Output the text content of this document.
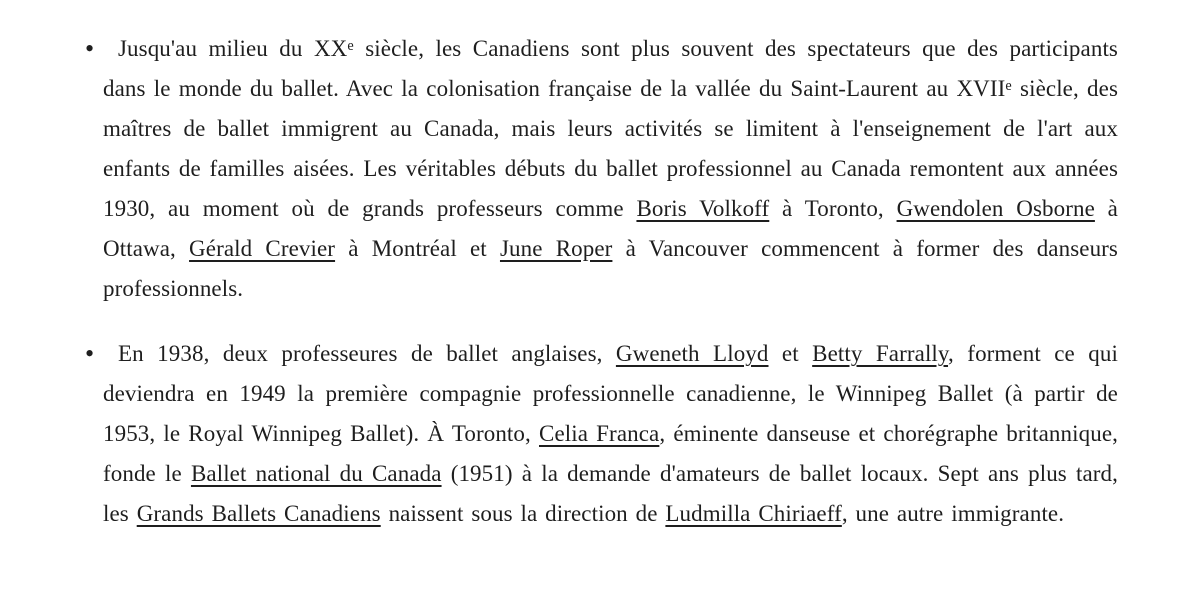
•	Jusqu'au milieu du XXe siècle, les Canadiens sont plus souvent des spectateurs que des participants dans le monde du ballet. Avec la colonisation française de la vallée du Saint-Laurent au XVIIe siècle, des maîtres de ballet immigrent au Canada, mais leurs activités se limitent à l'enseignement de l'art aux enfants de familles aisées. Les véritables débuts du ballet professionnel au Canada remontent aux années 1930, au moment où de grands professeurs comme Boris Volkoff à Toronto, Gwendolen Osborne à Ottawa, Gérald Crevier à Montréal et June Roper à Vancouver commencent à former des danseurs professionnels.

•	En 1938, deux professeures de ballet anglaises, Gweneth Lloyd et Betty Farrally, forment ce qui deviendra en 1949 la première compagnie professionnelle canadienne, le Winnipeg Ballet (à partir de 1953, le Royal Winnipeg Ballet). À Toronto, Celia Franca, éminente danseuse et chorégraphe britannique, fonde le Ballet national du Canada (1951) à la demande d'amateurs de ballet locaux. Sept ans plus tard, les Grands Ballets Canadiens naissent sous la direction de Ludmilla Chiriaeff, une autre immigrante.
